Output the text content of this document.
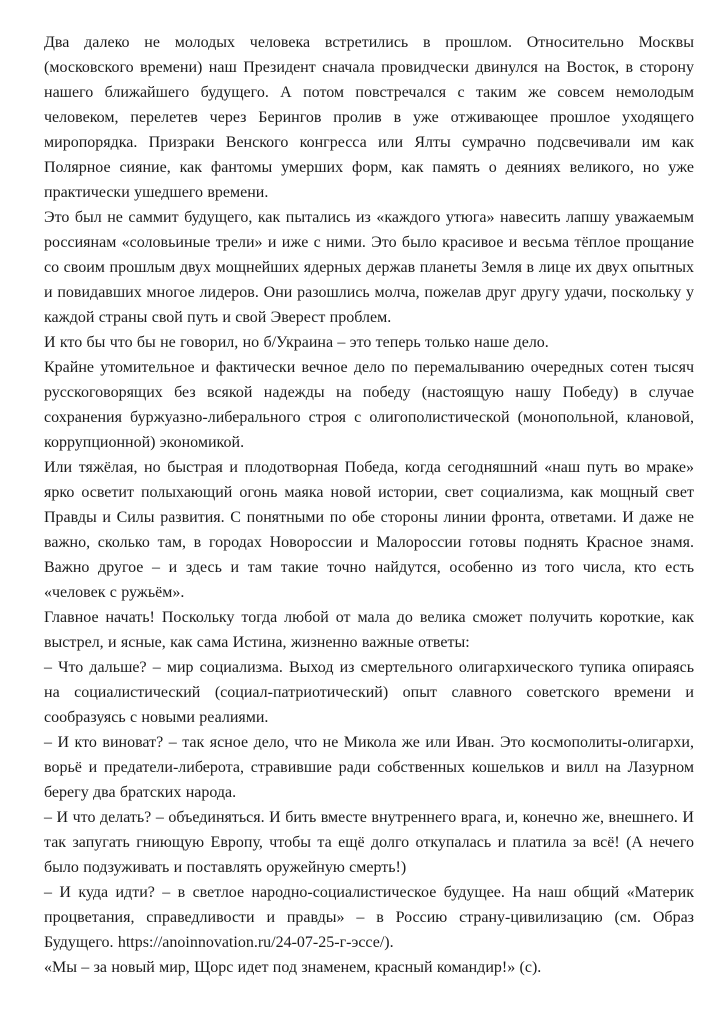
Два далеко не молодых человека встретились в прошлом. Относительно Москвы (московского времени) наш Президент сначала провидчески двинулся на Восток, в сторону нашего ближайшего будущего. А потом повстречался с таким же совсем немолодым человеком, перелетев через Берингов пролив в уже отживающее прошлое уходящего миропорядка. Призраки Венского конгресса или Ялты сумрачно подсвечивали им как Полярное сияние, как фантомы умерших форм, как память о деяниях великого, но уже практически ушедшего времени.

Это был не саммит будущего, как пытались из «каждого утюга» навесить лапшу уважаемым россиянам «соловьиные трели» и иже с ними. Это было красивое и весьма тёплое прощание со своим прошлым двух мощнейших ядерных держав планеты Земля в лице их двух опытных и повидавших многое лидеров. Они разошлись молча, пожелав друг другу удачи, поскольку у каждой страны свой путь и свой Эверест проблем.

И кто бы что бы не говорил, но б/Украина – это теперь только наше дело.

Крайне утомительное и фактически вечное дело по перемалыванию очередных сотен тысяч русскоговорящих без всякой надежды на победу (настоящую нашу Победу) в случае сохранения буржуазно-либерального строя с олигополистической (монопольной, клановой, коррупционной) экономикой.

Или тяжёлая, но быстрая и плодотворная Победа, когда сегодняшний «наш путь во мраке» ярко осветит полыхающий огонь маяка новой истории, свет социализма, как мощный свет Правды и Силы развития. С понятными по обе стороны линии фронта, ответами. И даже не важно, сколько там, в городах Новороссии и Малороссии готовы поднять Красное знамя. Важно другое – и здесь и там такие точно найдутся, особенно из того числа, кто есть «человек с ружьём».

Главное начать! Поскольку тогда любой от мала до велика сможет получить короткие, как выстрел, и ясные, как сама Истина, жизненно важные ответы:

– Что дальше? – мир социализма. Выход из смертельного олигархического тупика опираясь на социалистический (социал-патриотический) опыт славного советского времени и сообразуясь с новыми реалиями.

– И кто виноват? – так ясное дело, что не Микола же или Иван. Это космополиты-олигархи, ворьё и предатели-либерота, стравившие ради собственных кошельков и вилл на Лазурном берегу два братских народа.

– И что делать? – объединяться. И бить вместе внутреннего врага, и, конечно же, внешнего. И так запугать гниющую Европу, чтобы та ещё долго откупалась и платила за всё! (А нечего было подзуживать и поставлять оружейную смерть!)

– И куда идти? – в светлое народно-социалистическое будущее. На наш общий «Материк процветания, справедливости и правды» – в Россию страну-цивилизацию (см. Образ Будущего. https://anoinnovation.ru/24-07-25-г-эссе/).

«Мы – за новый мир, Щорс идет под знаменем, красный командир!» (с).
